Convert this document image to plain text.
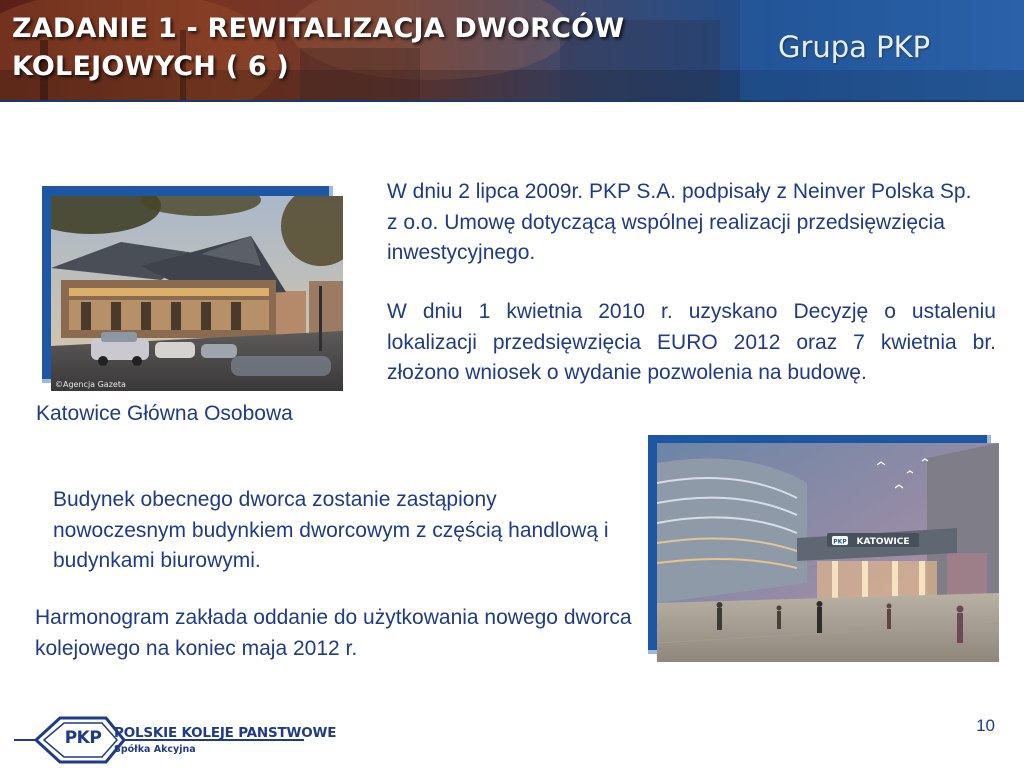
ZADANIE 1 - REWITALIZACJA DWORCÓW
KOLEJOWYCH ( 6 )
Grupa PKP
©Agencja Gazeta
Katowice Główna Osobowa

W dniu 2 lipca 2009r. PKP S.A. podpisały z Neinver Polska Sp. z o.o. Umowę dotyczącą wspólnej realizacji przedsięwzięcia inwestycyjnego.

W dniu 1 kwietnia 2010 r. uzyskano Decyzję o ustaleniu lokalizacji przedsięwzięcia EURO 2012 oraz 7 kwietnia br. złożono wniosek o wydanie pozwolenia na budowę.

Budynek obecnego dworca zostanie zastąpiony nowoczesnym budynkiem dworcowym z częścią handlową i budynkami biurowymi.

Harmonogram zakłada oddanie do użytkowania nowego dworca kolejowego na koniec maja 2012 r.

PKP KATOWICE
PKP POLSKIE KOLEJE PANSTWOWE
Spółka Akcyjna
10
